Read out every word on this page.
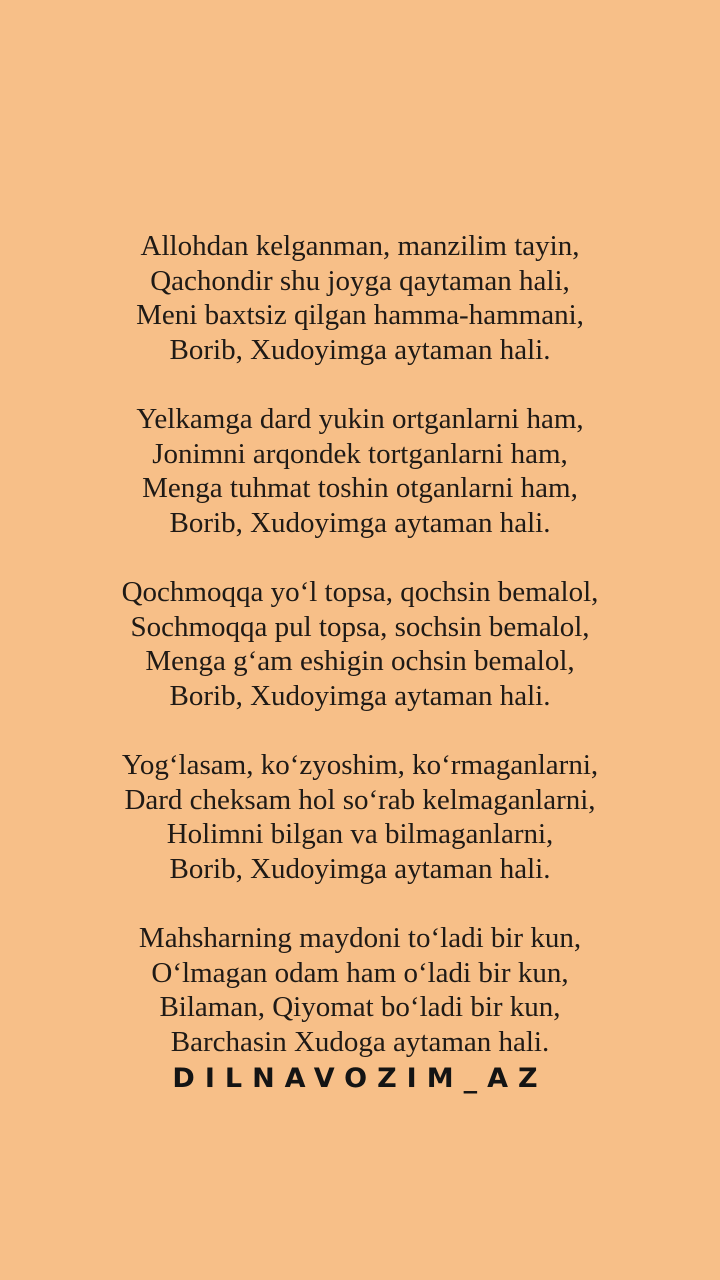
Allohdan kelganman, manzilim tayin,
Qachondir shu joyga qaytaman hali,
Meni baxtsiz qilgan hamma-hammani,
Borib, Xudoyimga aytaman hali.
Yelkamga dard yukin ortganlarni ham,
Jonimni arqondek tortganlarni ham,
Menga tuhmat toshin otganlarni ham,
Borib, Xudoyimga aytaman hali.
Qochmoqqa yoʻl topsa, qochsin bemalol,
Sochmoqqa pul topsa, sochsin bemalol,
Menga gʻam eshigin ochsin bemalol,
Borib, Xudoyimga aytaman hali.
Yogʻlasam, koʻzyoshim, koʻrmaganlarni,
Dard cheksam hol soʻrab kelmaganlarni,
Holimni bilgan va bilmaganlarni,
Borib, Xudoyimga aytaman hali.
Mahsharning maydoni toʻladi bir kun,
Oʻlmagan odam ham oʻladi bir kun,
Bilaman, Qiyomat boʻladi bir kun,
Barchasin Xudoga aytaman hali.
DILNAVOZIM_AZ
